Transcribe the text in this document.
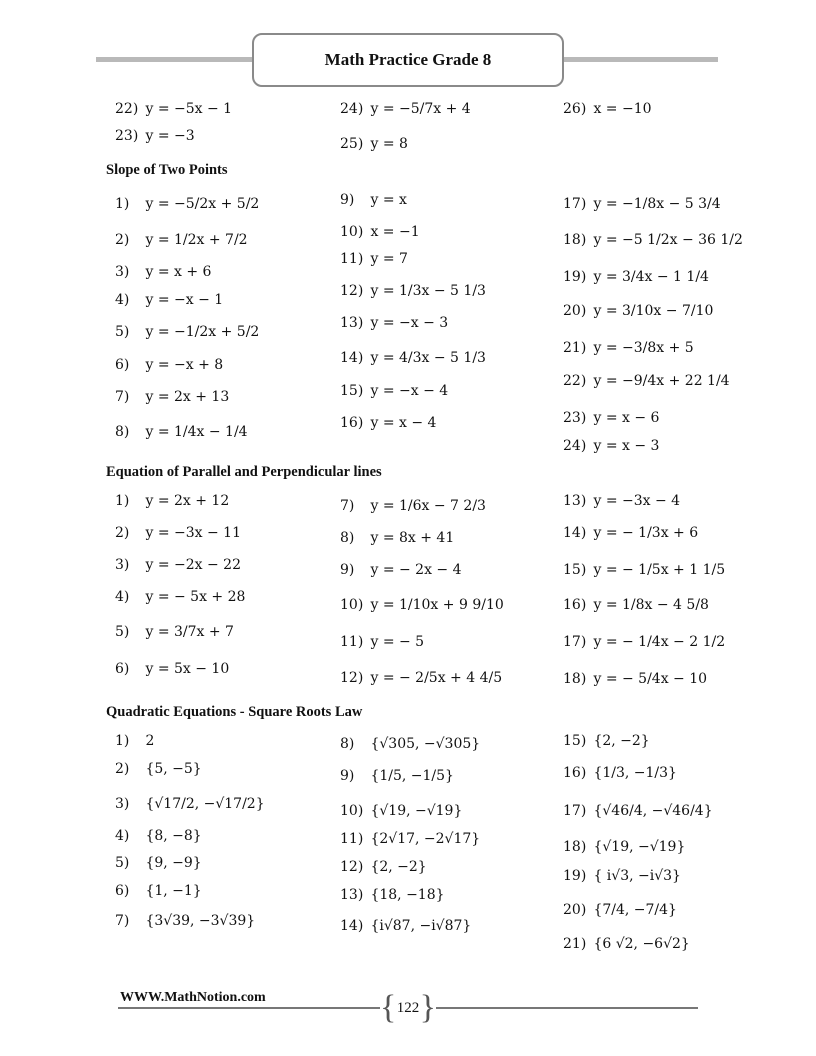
Math Practice Grade 8
22)
y = −5x − 1
23)
y = −3
24)
y = −5/7x + 4
25)
y = 8
26)
x = −10
Slope of Two Points
1)
	y = −5/2x + 5/2
2)
	y = 1/2x + 7/2
3)
	y = x + 6
4)
	y = −x − 1
5)
	y = −1/2x + 5/2
6)
	y = −x + 8
7)
	y = 2x + 13
8)
	y = 1/4x − 1/4
9)
	y = x
10)
x = −1
11)
y = 7
12)
y = 1/3x − 5 1/3
13)
y = −x − 3
14)
y = 4/3x − 5 1/3
15)
y = −x − 4
16)
y = x − 4
17)
y = −1/8x − 5 3/4
18)
y = −5 1/2x − 36 1/2
19)
y = 3/4x − 1 1/4
20)
y = 3/10x − 7/10
21)
y = −3/8x + 5
22)
y = −9/4x + 22 1/4
23)
y = x − 6
24)
y = x − 3
Equation of Parallel and Perpendicular lines
1)
	y = 2x + 12
2)
	y = −3x − 11
3)
	y = −2x − 22
4)
	y = − 5x + 28
5)
	y = 3/7x + 7
6)
	y = 5x − 10
7)
	y = 1/6x − 7 2/3
8)
	y = 8x + 41
9)
	y = − 2x − 4
10)
y = 1/10x + 9 9/10
11)
y = − 5
12)
y = − 2/5x + 4 4/5
13)
y = −3x − 4
14)
y = − 1/3x + 6
15)
y = − 1/5x + 1 1/5
16)
y = 1/8x − 4 5/8
17)
y = − 1/4x − 2 1/2
18)
y = − 5/4x − 10
Quadratic Equations - Square Roots Law
1)
	2
2)
	{5, −5}
3)
	{√17/2, −√17/2}
4)
	{8, −8}
5)
	{9, −9}
6)
	{1, −1}
7)
	{3√39, −3√39}
8)
	{√305, −√305}
9)
	{1/5, −1/5}
10)
{√19, −√19}
11)
{2√17, −2√17}
12)
{2, −2}
13)
{18, −18}
14)
{i√87, −i√87}
15)
{2, −2}
16)
{1/3, −1/3}
17)
{√46/4, −√46/4}
18)
{√19, −√19}
19)
{ i√3, −i√3}
20)
{7/4, −7/4}
21)
{6 √2, −6√2}
WWW.MathNotion.com	{ 122 }
